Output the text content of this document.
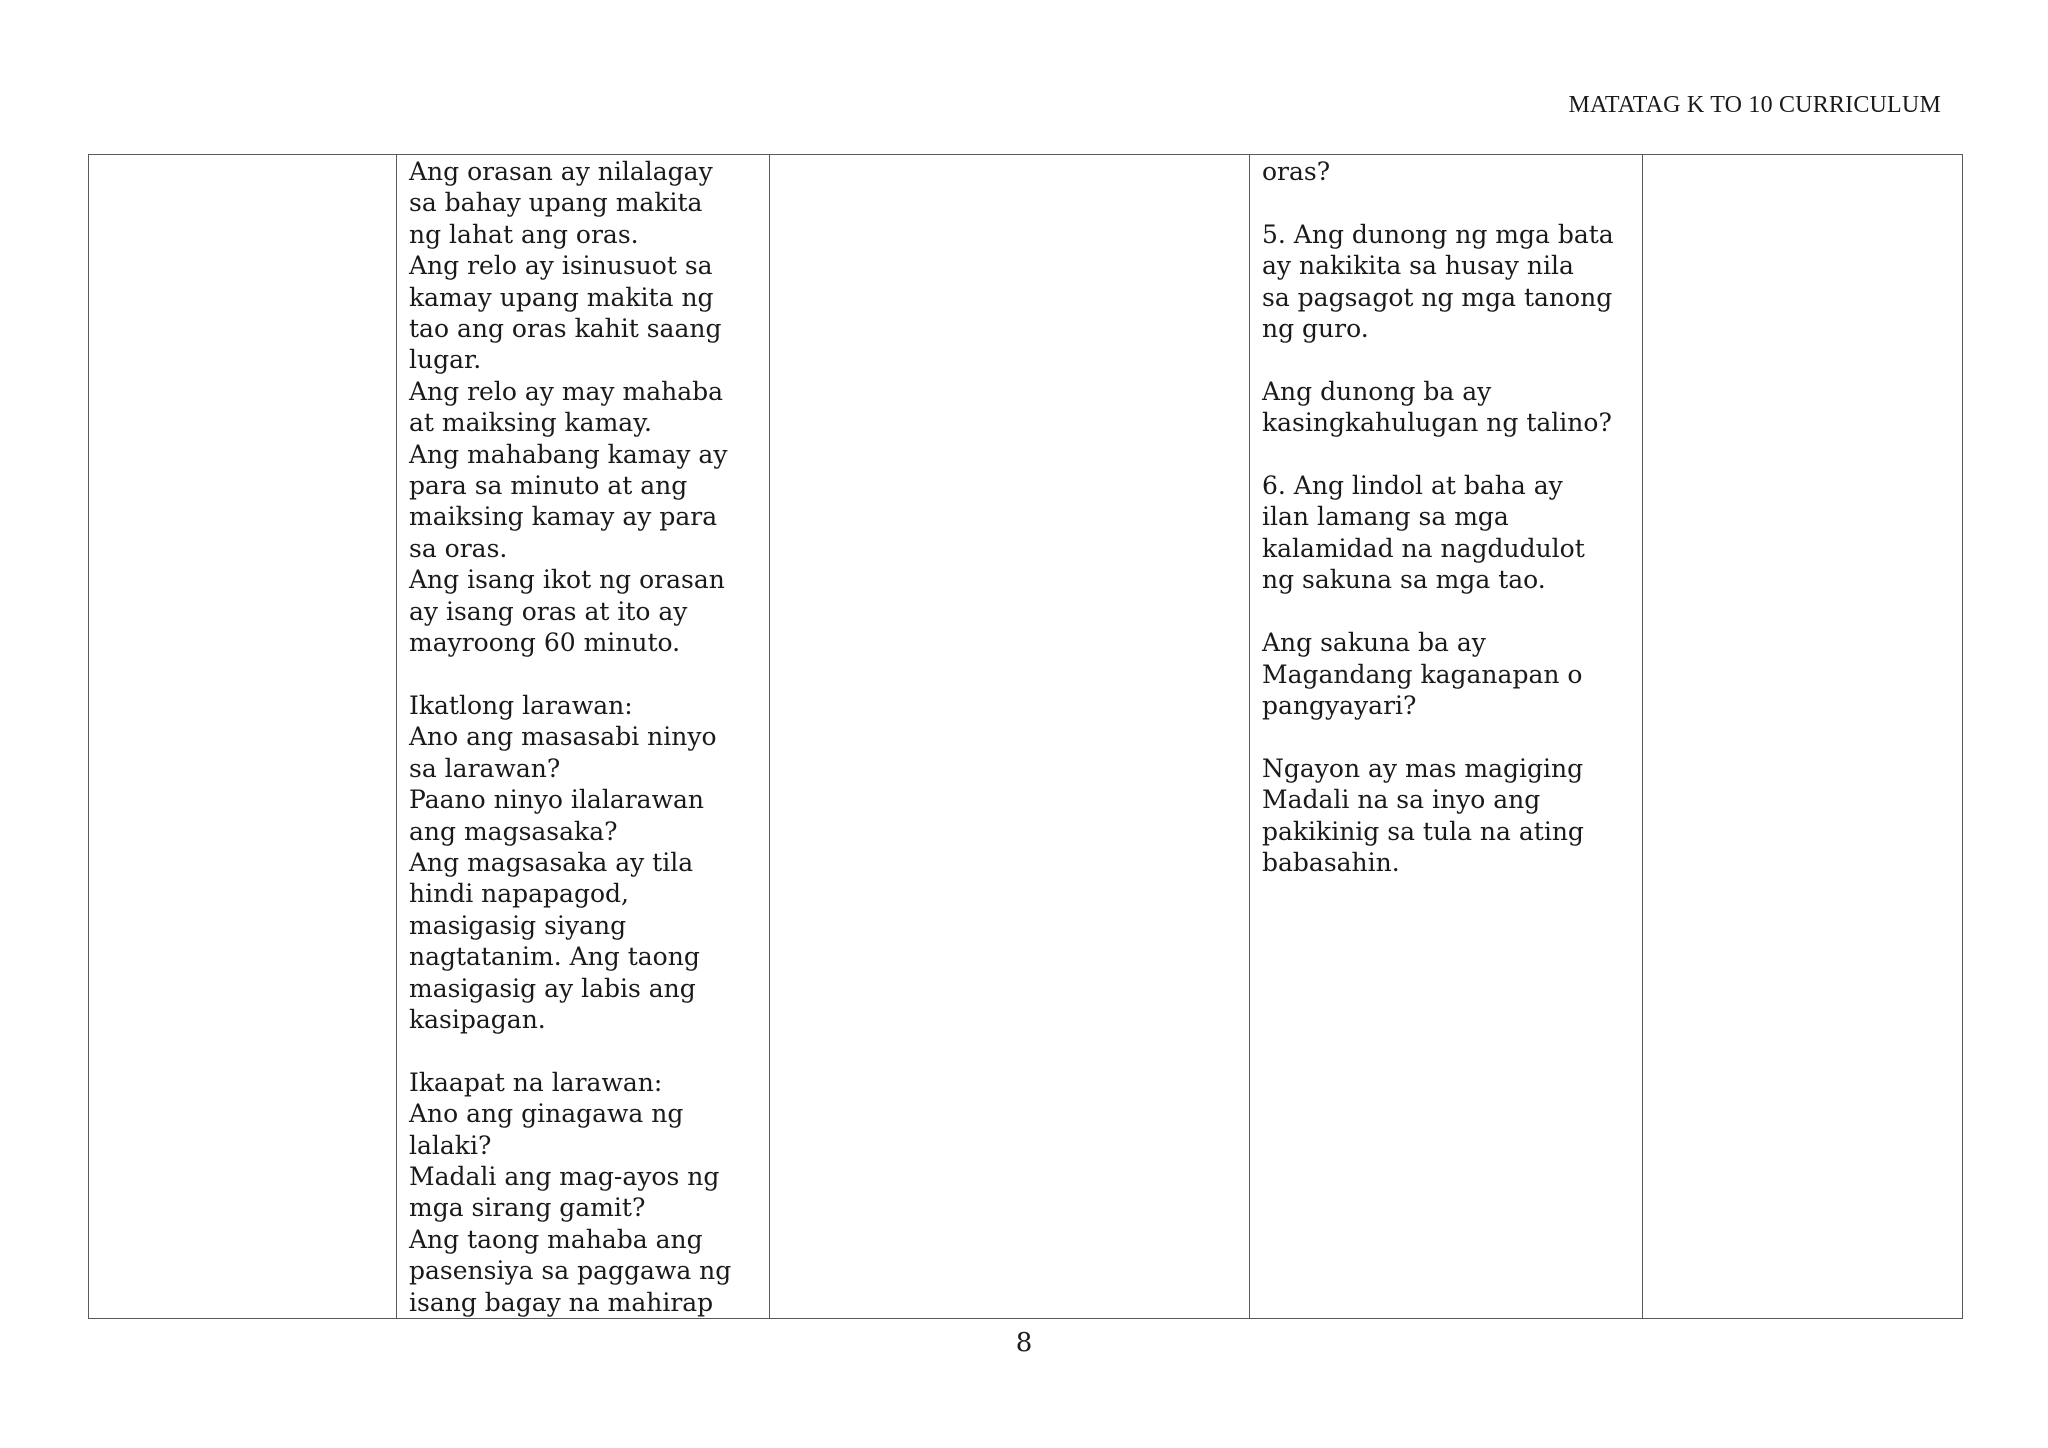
MATATAG K TO 10 CURRICULUM

Ang orasan ay nilalagay
sa bahay upang makita
ng lahat ang oras.
Ang relo ay isinusuot sa
kamay upang makita ng
tao ang oras kahit saang
lugar.
Ang relo ay may mahaba
at maiksing kamay.
Ang mahabang kamay ay
para sa minuto at ang
maiksing kamay ay para
sa oras.
Ang isang ikot ng orasan
ay isang oras at ito ay
mayroong 60 minuto.

Ikatlong larawan:
Ano ang masasabi ninyo
sa larawan?
Paano ninyo ilalarawan
ang magsasaka?
Ang magsasaka ay tila
hindi napapagod,
masigasig siyang
nagtatanim. Ang taong
masigasig ay labis ang
kasipagan.

Ikaapat na larawan:
Ano ang ginagawa ng
lalaki?
Madali ang mag-ayos ng
mga sirang gamit?
Ang taong mahaba ang
pasensiya sa paggawa ng
isang bagay na mahirap

oras?

5. Ang dunong ng mga bata
ay nakikita sa husay nila
sa pagsagot ng mga tanong
ng guro.

Ang dunong ba ay
kasingkahulugan ng talino?

6. Ang lindol at baha ay
ilan lamang sa mga
kalamidad na nagdudulot
ng sakuna sa mga tao.

Ang sakuna ba ay
Magandang kaganapan o
pangyayari?

Ngayon ay mas magiging
Madali na sa inyo ang
pakikinig sa tula na ating
babasahin.

8
